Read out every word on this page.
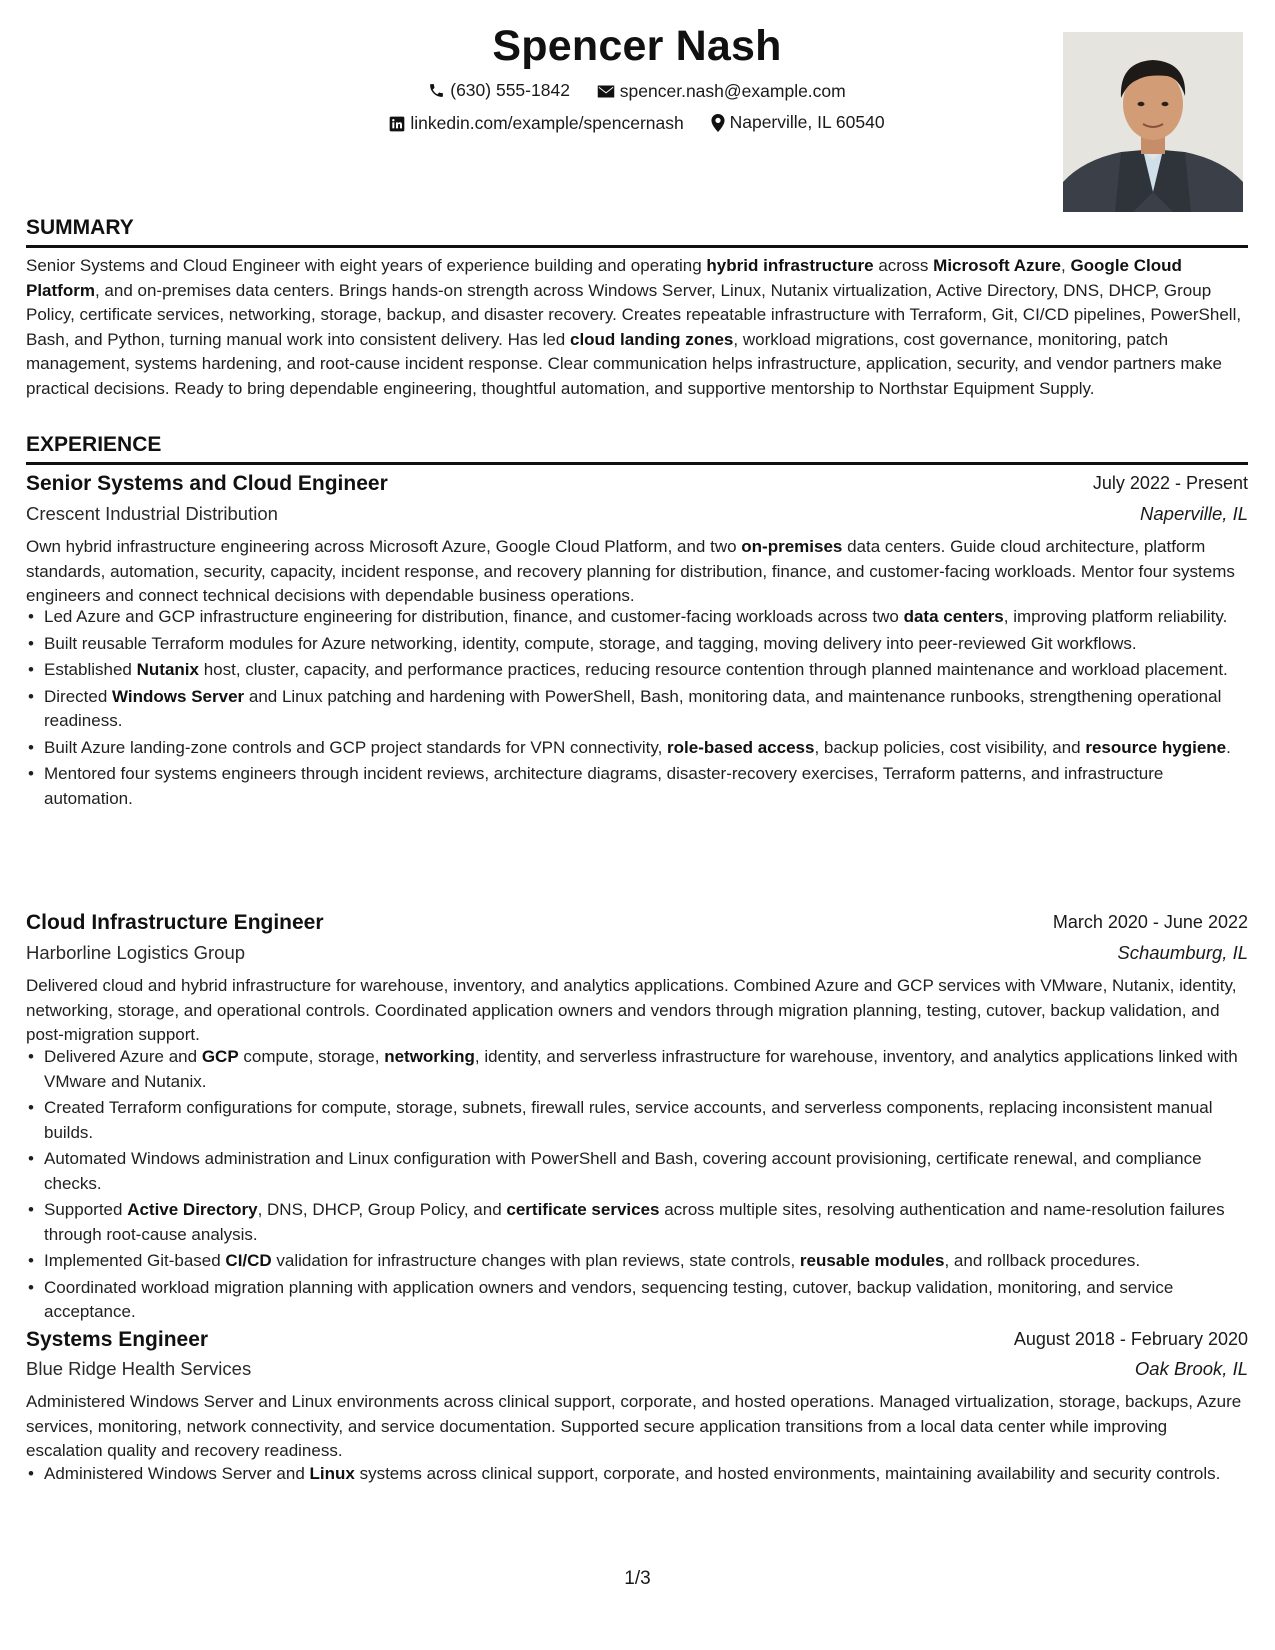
Spencer Nash
(630) 555-1842
	spencer.nash@example.com
linkedin.com/example/spencernash
	Naperville, IL 60540
SUMMARY
Senior Systems and Cloud Engineer with eight years of experience building and operating hybrid infrastructure across Microsoft Azure, Google Cloud Platform, and on-premises data centers. Brings hands-on strength across Windows Server, Linux, Nutanix virtualization, Active Directory, DNS, DHCP, Group Policy, certificate services, networking, storage, backup, and disaster recovery. Creates repeatable infrastructure with Terraform, Git, CI/CD pipelines, PowerShell, Bash, and Python, turning manual work into consistent delivery. Has led cloud landing zones, workload migrations, cost governance, monitoring, patch management, systems hardening, and root-cause incident response. Clear communication helps infrastructure, application, security, and vendor partners make practical decisions. Ready to bring dependable engineering, thoughtful automation, and supportive mentorship to Northstar Equipment Supply.
EXPERIENCE
Senior Systems and Cloud Engineer	July 2022 - Present
Crescent Industrial Distribution	Naperville, IL
Own hybrid infrastructure engineering across Microsoft Azure, Google Cloud Platform, and two on-premises data centers. Guide cloud architecture, platform standards, automation, security, capacity, incident response, and recovery planning for distribution, finance, and customer-facing workloads. Mentor four systems engineers and connect technical decisions with dependable business operations.
• Led Azure and GCP infrastructure engineering for distribution, finance, and customer-facing workloads across two data centers, improving platform reliability.
• Built reusable Terraform modules for Azure networking, identity, compute, storage, and tagging, moving delivery into peer-reviewed Git workflows.
• Established Nutanix host, cluster, capacity, and performance practices, reducing resource contention through planned maintenance and workload placement.
• Directed Windows Server and Linux patching and hardening with PowerShell, Bash, monitoring data, and maintenance runbooks, strengthening operational readiness.
• Built Azure landing-zone controls and GCP project standards for VPN connectivity, role-based access, backup policies, cost visibility, and resource hygiene.
• Mentored four systems engineers through incident reviews, architecture diagrams, disaster-recovery exercises, Terraform patterns, and infrastructure automation.
Cloud Infrastructure Engineer	March 2020 - June 2022
Harborline Logistics Group	Schaumburg, IL
Delivered cloud and hybrid infrastructure for warehouse, inventory, and analytics applications. Combined Azure and GCP services with VMware, Nutanix, identity, networking, storage, and operational controls. Coordinated application owners and vendors through migration planning, testing, cutover, backup validation, and post-migration support.
• Delivered Azure and GCP compute, storage, networking, identity, and serverless infrastructure for warehouse, inventory, and analytics applications linked with VMware and Nutanix.
• Created Terraform configurations for compute, storage, subnets, firewall rules, service accounts, and serverless components, replacing inconsistent manual builds.
• Automated Windows administration and Linux configuration with PowerShell and Bash, covering account provisioning, certificate renewal, and compliance checks.
• Supported Active Directory, DNS, DHCP, Group Policy, and certificate services across multiple sites, resolving authentication and name-resolution failures through root-cause analysis.
• Implemented Git-based CI/CD validation for infrastructure changes with plan reviews, state controls, reusable modules, and rollback procedures.
• Coordinated workload migration planning with application owners and vendors, sequencing testing, cutover, backup validation, monitoring, and service acceptance.
Systems Engineer	August 2018 - February 2020
Blue Ridge Health Services	Oak Brook, IL
Administered Windows Server and Linux environments across clinical support, corporate, and hosted operations. Managed virtualization, storage, backups, Azure services, monitoring, network connectivity, and service documentation. Supported secure application transitions from a local data center while improving escalation quality and recovery readiness.
• Administered Windows Server and Linux systems across clinical support, corporate, and hosted environments, maintaining availability and security controls.
1/3
